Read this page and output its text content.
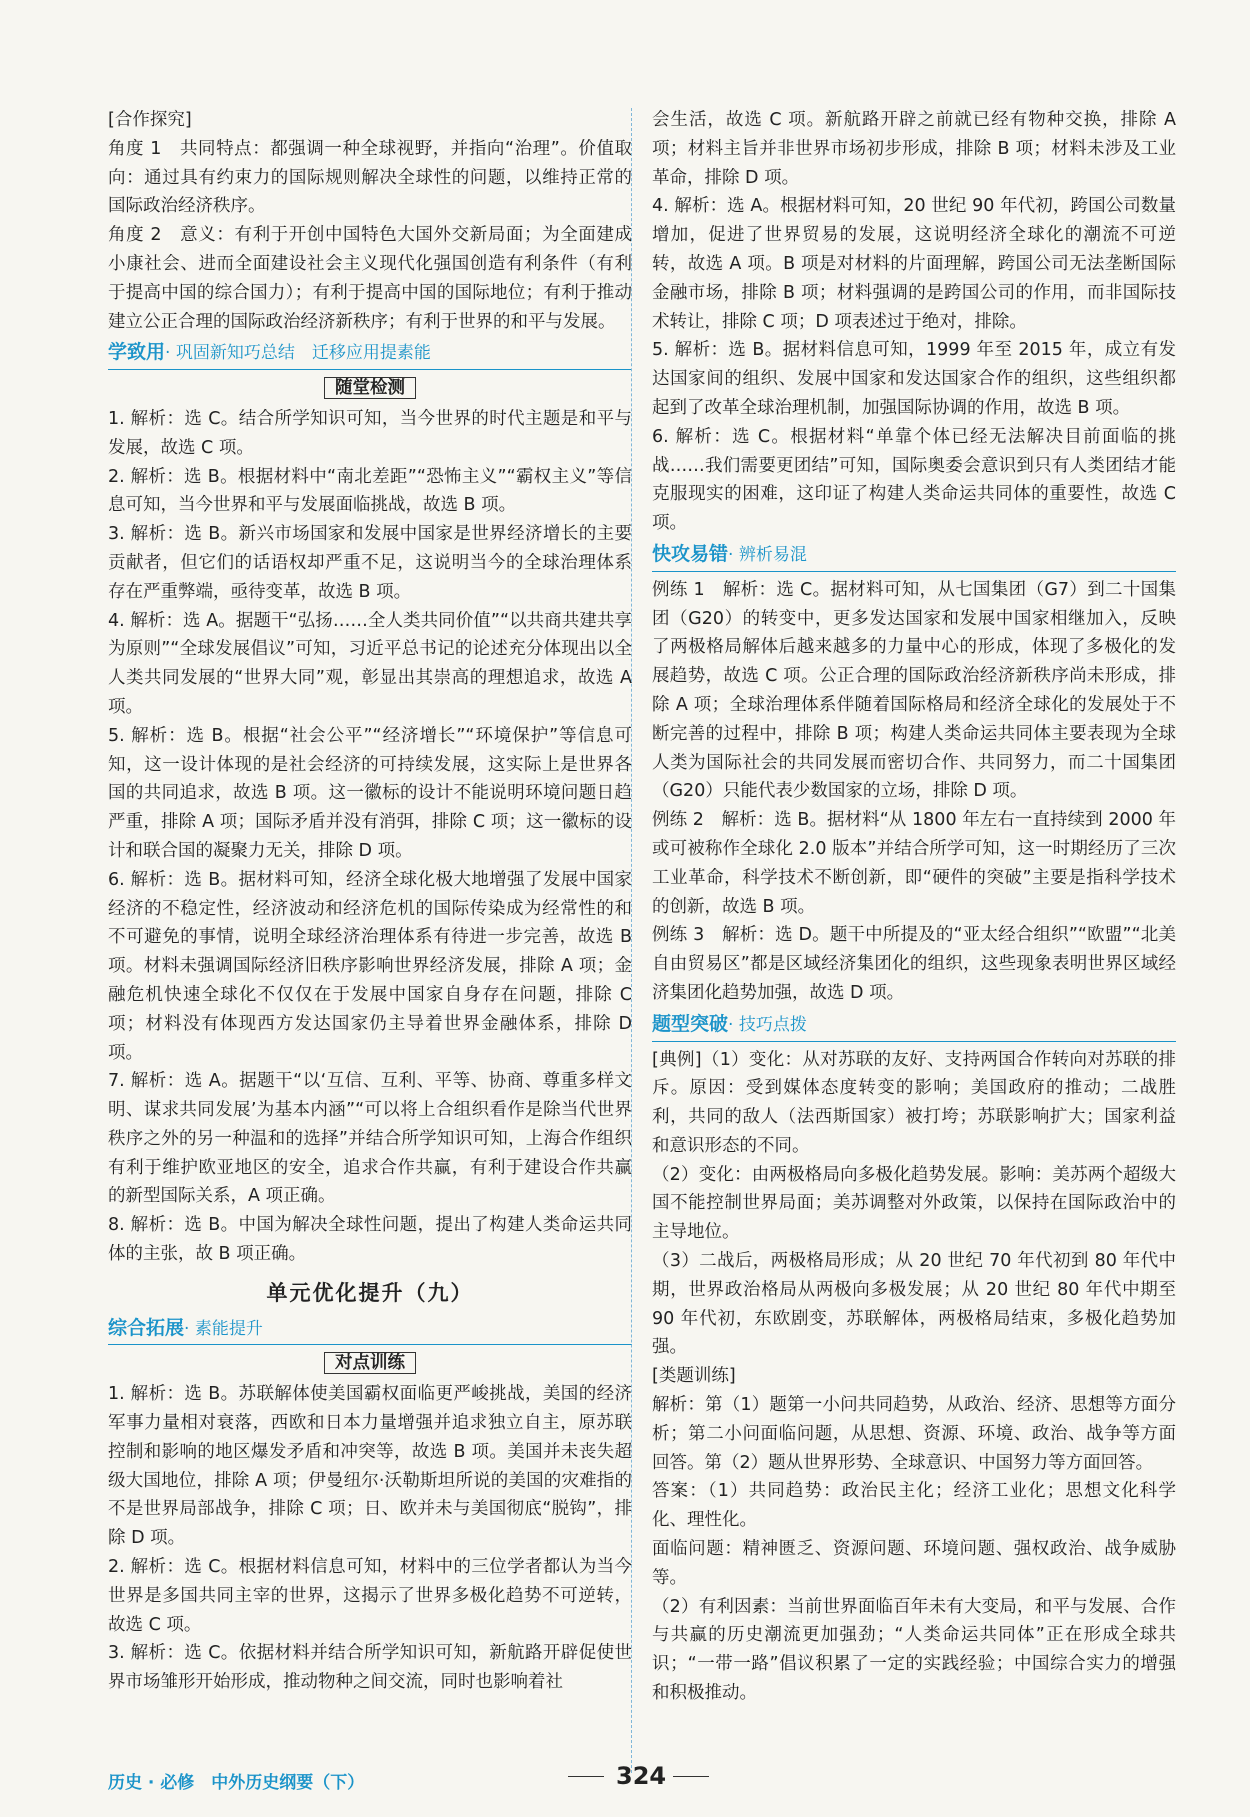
[合作探究]

角度 1　共同特点：都强调一种全球视野，并指向“治理”。价值取向：通过具有约束力的国际规则解决全球性的问题，以维持正常的国际政治经济秩序。

角度 2　意义：有利于开创中国特色大国外交新局面；为全面建成小康社会、进而全面建设社会主义现代化强国创造有利条件（有利于提高中国的综合国力）；有利于提高中国的国际地位；有利于推动建立公正合理的国际政治经济新秩序；有利于世界的和平与发展。

学致用· 巩固新知巧总结　迁移应用提素能
随堂检测

1. 解析：选 C。结合所学知识可知，当今世界的时代主题是和平与发展，故选 C 项。

2. 解析：选 B。根据材料中“南北差距”“恐怖主义”“霸权主义”等信息可知，当今世界和平与发展面临挑战，故选 B 项。

3. 解析：选 B。新兴市场国家和发展中国家是世界经济增长的主要贡献者，但它们的话语权却严重不足，这说明当今的全球治理体系存在严重弊端，亟待变革，故选 B 项。

4. 解析：选 A。据题干“弘扬……全人类共同价值”“以共商共建共享为原则”“全球发展倡议”可知，习近平总书记的论述充分体现出以全人类共同发展的“世界大同”观，彰显出其崇高的理想追求，故选 A 项。

5. 解析：选 B。根据“社会公平”“经济增长”“环境保护”等信息可知，这一设计体现的是社会经济的可持续发展，这实际上是世界各国的共同追求，故选 B 项。这一徽标的设计不能说明环境问题日趋严重，排除 A 项；国际矛盾并没有消弭，排除 C 项；这一徽标的设计和联合国的凝聚力无关，排除 D 项。

6. 解析：选 B。据材料可知，经济全球化极大地增强了发展中国家经济的不稳定性，经济波动和经济危机的国际传染成为经常性的和不可避免的事情，说明全球经济治理体系有待进一步完善，故选 B 项。材料未强调国际经济旧秩序影响世界经济发展，排除 A 项；金融危机快速全球化不仅仅在于发展中国家自身存在问题，排除 C 项；材料没有体现西方发达国家仍主导着世界金融体系，排除 D 项。

7. 解析：选 A。据题干“以‘互信、互利、平等、协商、尊重多样文明、谋求共同发展’为基本内涵”“可以将上合组织看作是除当代世界秩序之外的另一种温和的选择”并结合所学知识可知，上海合作组织有利于维护欧亚地区的安全，追求合作共赢，有利于建设合作共赢的新型国际关系，A 项正确。

8. 解析：选 B。中国为解决全球性问题，提出了构建人类命运共同体的主张，故 B 项正确。

单元优化提升（九）
综合拓展· 素能提升
对点训练

1. 解析：选 B。苏联解体使美国霸权面临更严峻挑战，美国的经济军事力量相对衰落，西欧和日本力量增强并追求独立自主，原苏联控制和影响的地区爆发矛盾和冲突等，故选 B 项。美国并未丧失超级大国地位，排除 A 项；伊曼纽尔·沃勒斯坦所说的美国的灾难指的不是世界局部战争，排除 C 项；日、欧并未与美国彻底“脱钩”，排除 D 项。

2. 解析：选 C。根据材料信息可知，材料中的三位学者都认为当今世界是多国共同主宰的世界，这揭示了世界多极化趋势不可逆转，故选 C 项。

3. 解析：选 C。依据材料并结合所学知识可知，新航路开辟促使世界市场雏形开始形成，推动物种之间交流，同时也影响着社

会生活，故选 C 项。新航路开辟之前就已经有物种交换，排除 A 项；材料主旨并非世界市场初步形成，排除 B 项；材料未涉及工业革命，排除 D 项。

4. 解析：选 A。根据材料可知，20 世纪 90 年代初，跨国公司数量增加，促进了世界贸易的发展，这说明经济全球化的潮流不可逆转，故选 A 项。B 项是对材料的片面理解，跨国公司无法垄断国际金融市场，排除 B 项；材料强调的是跨国公司的作用，而非国际技术转让，排除 C 项；D 项表述过于绝对，排除。

5. 解析：选 B。据材料信息可知，1999 年至 2015 年，成立有发达国家间的组织、发展中国家和发达国家合作的组织，这些组织都起到了改革全球治理机制，加强国际协调的作用，故选 B 项。

6. 解析：选 C。根据材料“单靠个体已经无法解决目前面临的挑战……我们需要更团结”可知，国际奥委会意识到只有人类团结才能克服现实的困难，这印证了构建人类命运共同体的重要性，故选 C 项。

快攻易错· 辨析易混

例练 1　解析：选 C。据材料可知，从七国集团（G7）到二十国集团（G20）的转变中，更多发达国家和发展中国家相继加入，反映了两极格局解体后越来越多的力量中心的形成，体现了多极化的发展趋势，故选 C 项。公正合理的国际政治经济新秩序尚未形成，排除 A 项；全球治理体系伴随着国际格局和经济全球化的发展处于不断完善的过程中，排除 B 项；构建人类命运共同体主要表现为全球人类为国际社会的共同发展而密切合作、共同努力，而二十国集团（G20）只能代表少数国家的立场，排除 D 项。

例练 2　解析：选 B。据材料“从 1800 年左右一直持续到 2000 年或可被称作全球化 2.0 版本”并结合所学可知，这一时期经历了三次工业革命，科学技术不断创新，即“硬件的突破”主要是指科学技术的创新，故选 B 项。

例练 3　解析：选 D。题干中所提及的“亚太经合组织”“欧盟”“北美自由贸易区”都是区域经济集团化的组织，这些现象表明世界区域经济集团化趋势加强，故选 D 项。

题型突破· 技巧点拨

[典例]（1）变化：从对苏联的友好、支持两国合作转向对苏联的排斥。原因：受到媒体态度转变的影响；美国政府的推动；二战胜利，共同的敌人（法西斯国家）被打垮；苏联影响扩大；国家利益和意识形态的不同。

（2）变化：由两极格局向多极化趋势发展。影响：美苏两个超级大国不能控制世界局面；美苏调整对外政策，以保持在国际政治中的主导地位。

（3）二战后，两极格局形成；从 20 世纪 70 年代初到 80 年代中期，世界政治格局从两极向多极发展；从 20 世纪 80 年代中期至 90 年代初，东欧剧变，苏联解体，两极格局结束，多极化趋势加强。

[类题训练]

解析：第（1）题第一小问共同趋势，从政治、经济、思想等方面分析；第二小问面临问题，从思想、资源、环境、政治、战争等方面回答。第（2）题从世界形势、全球意识、中国努力等方面回答。

答案：（1）共同趋势：政治民主化；经济工业化；思想文化科学化、理性化。

面临问题：精神匮乏、资源问题、环境问题、强权政治、战争威胁等。

（2）有利因素：当前世界面临百年未有大变局，和平与发展、合作与共赢的历史潮流更加强劲；“人类命运共同体”正在形成全球共识；“一带一路”倡议积累了一定的实践经验；中国综合实力的增强和积极推动。

历史 · 必修　中外历史纲要（下）	324
